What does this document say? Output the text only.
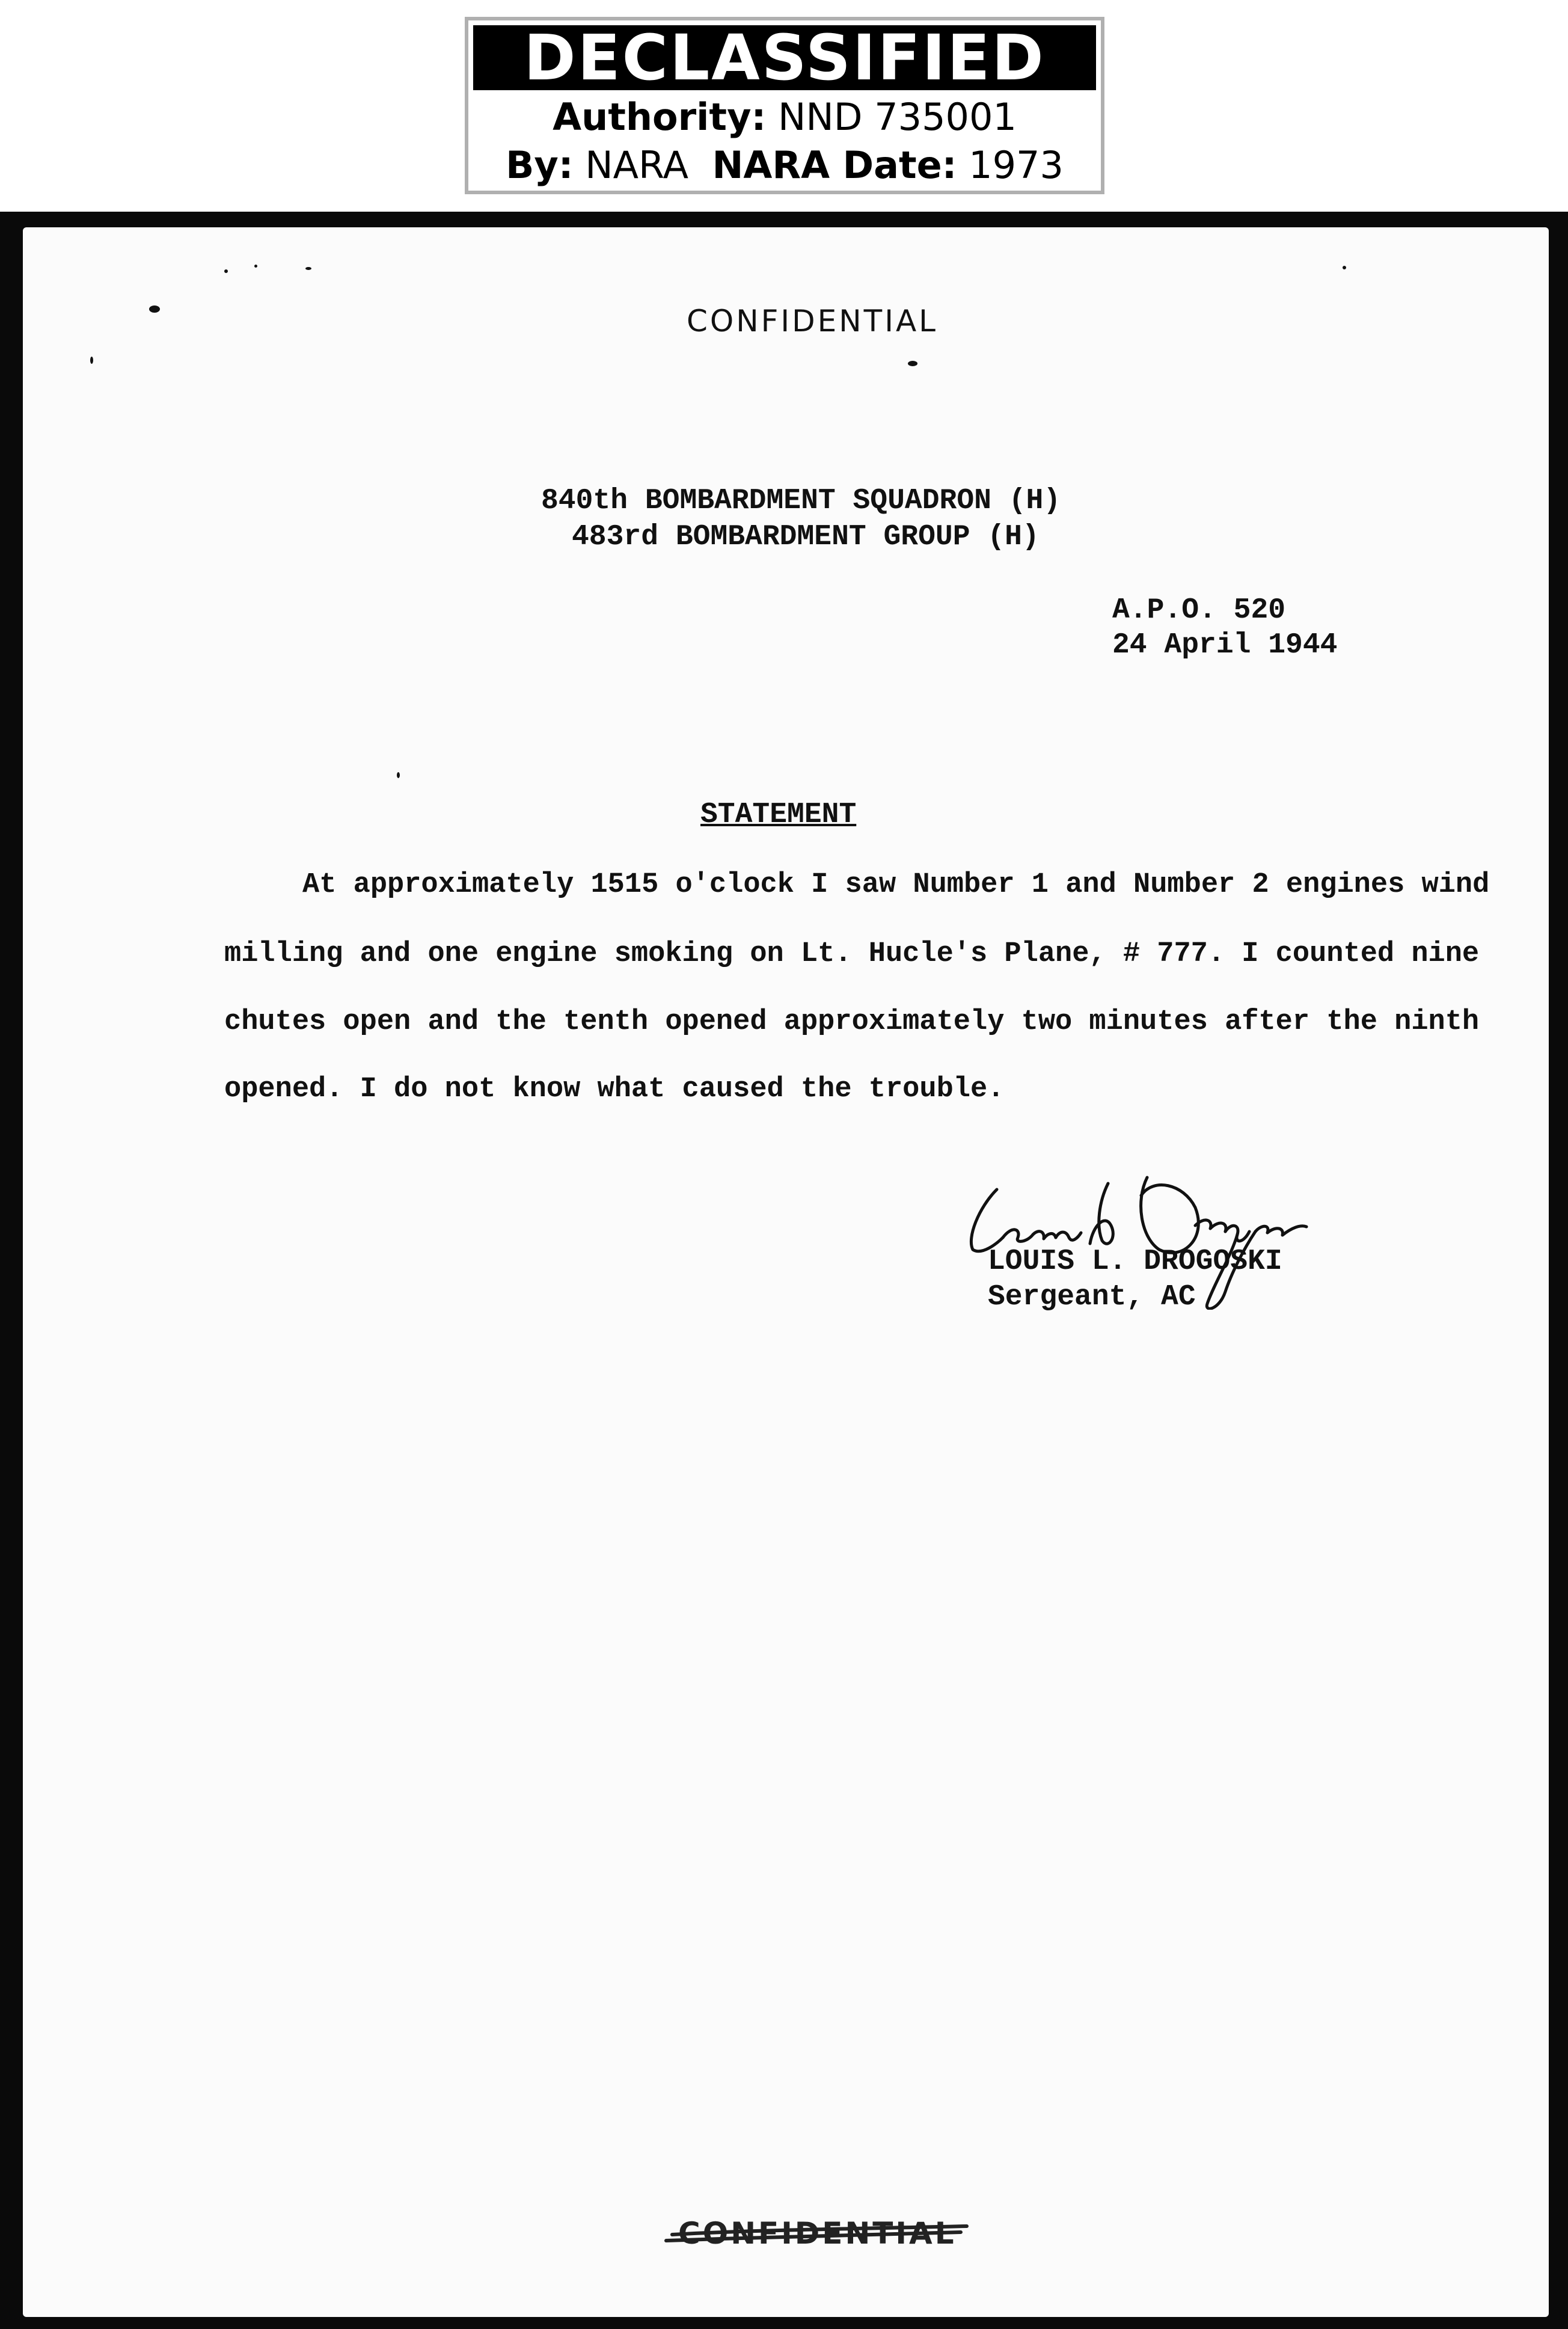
DECLASSIFIED
Authority: NND 735001
By: NARA NARA Date: 1973
CONFIDENTIAL
840th BOMBARDMENT SQUADRON (H)
483rd BOMBARDMENT GROUP (H)
A.P.O. 520
24 April 1944
STATEMENT
At approximately 1515 o'clock I saw Number 1 and Number 2 engines wind
milling and one engine smoking on Lt. Hucle's Plane, # 777. I counted nine
chutes open and the tenth opened approximately two minutes after the ninth
opened. I do not know what caused the trouble.
LOUIS L. DROGOSKI
Sergeant, AC
CONFIDENTIAL
